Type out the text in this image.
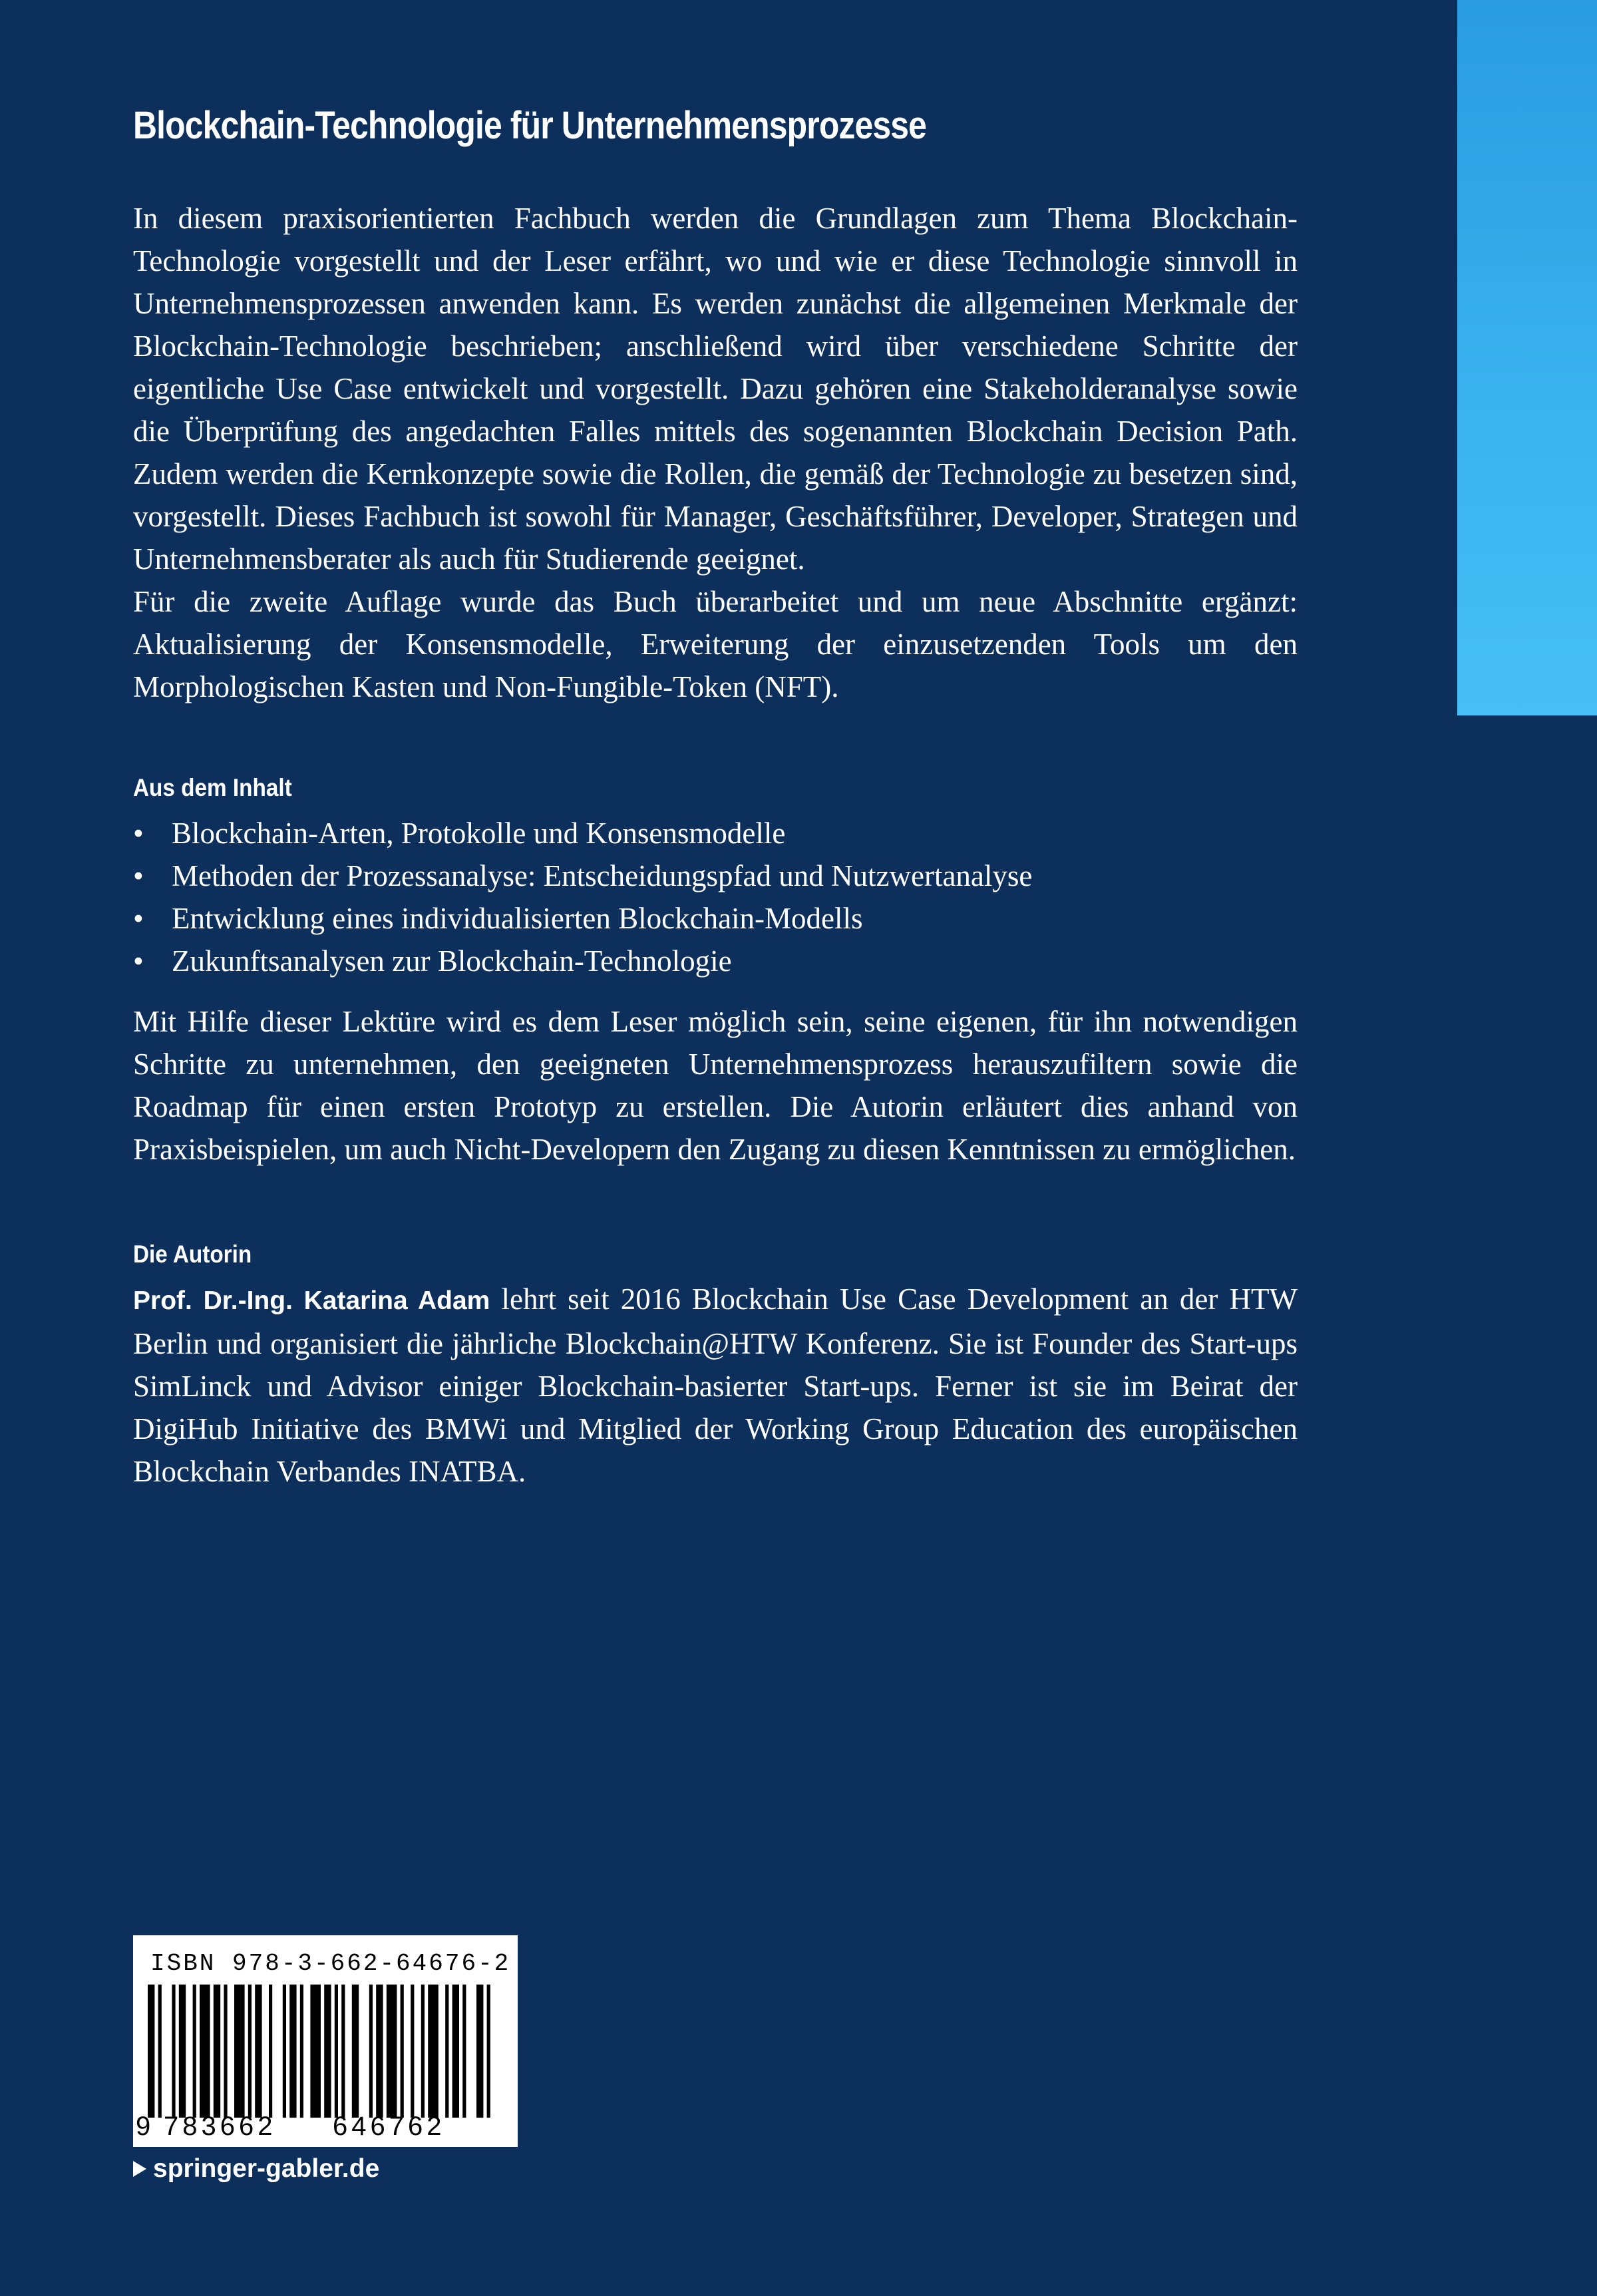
Blockchain-Technologie für Unternehmensprozesse

In diesem praxisorientierten Fachbuch werden die Grundlagen zum Thema Blockchain-Technologie vorgestellt und der Leser erfährt, wo und wie er diese Technologie sinnvoll in Unternehmensprozessen anwenden kann. Es werden zunächst die allgemeinen Merkmale der Blockchain-Technologie beschrieben; anschließend wird über verschiedene Schritte der eigentliche Use Case entwickelt und vorgestellt. Dazu gehören eine Stakeholderanalyse sowie die Überprüfung des angedachten Falles mittels des sogenannten Blockchain Decision Path. Zudem werden die Kernkonzepte sowie die Rollen, die gemäß der Technologie zu besetzen sind, vorgestellt. Dieses Fachbuch ist sowohl für Manager, Geschäftsführer, Developer, Strategen und Unternehmensberater als auch für Studierende geeignet.

Für die zweite Auflage wurde das Buch überarbeitet und um neue Abschnitte ergänzt: Aktualisierung der Konsensmodelle, Erweiterung der einzusetzenden Tools um den Morphologischen Kasten und Non-Fungible-Token (NFT).

Aus dem Inhalt
• Blockchain-Arten, Protokolle und Konsensmodelle
• Methoden der Prozessanalyse: Entscheidungspfad und Nutzwertanalyse
• Entwicklung eines individualisierten Blockchain-Modells
• Zukunftsanalysen zur Blockchain-Technologie

Mit Hilfe dieser Lektüre wird es dem Leser möglich sein, seine eigenen, für ihn notwendigen Schritte zu unternehmen, den geeigneten Unternehmensprozess herauszufiltern sowie die Roadmap für einen ersten Prototyp zu erstellen. Die Autorin erläutert dies anhand von Praxisbeispielen, um auch Nicht-Developern den Zugang zu diesen Kenntnissen zu ermöglichen.

Die Autorin

Prof. Dr.-Ing. Katarina Adam lehrt seit 2016 Blockchain Use Case Development an der HTW Berlin und organisiert die jährliche Blockchain@HTW Konferenz. Sie ist Founder des Start-ups SimLinck und Advisor einiger Blockchain-basierter Start-ups. Ferner ist sie im Beirat der DigiHub Initiative des BMWi und Mitglied der Working Group Education des europäischen Blockchain Verbandes INATBA.

ISBN 978-3-662-64676-2
9 783662 646762
springer-gabler.de
